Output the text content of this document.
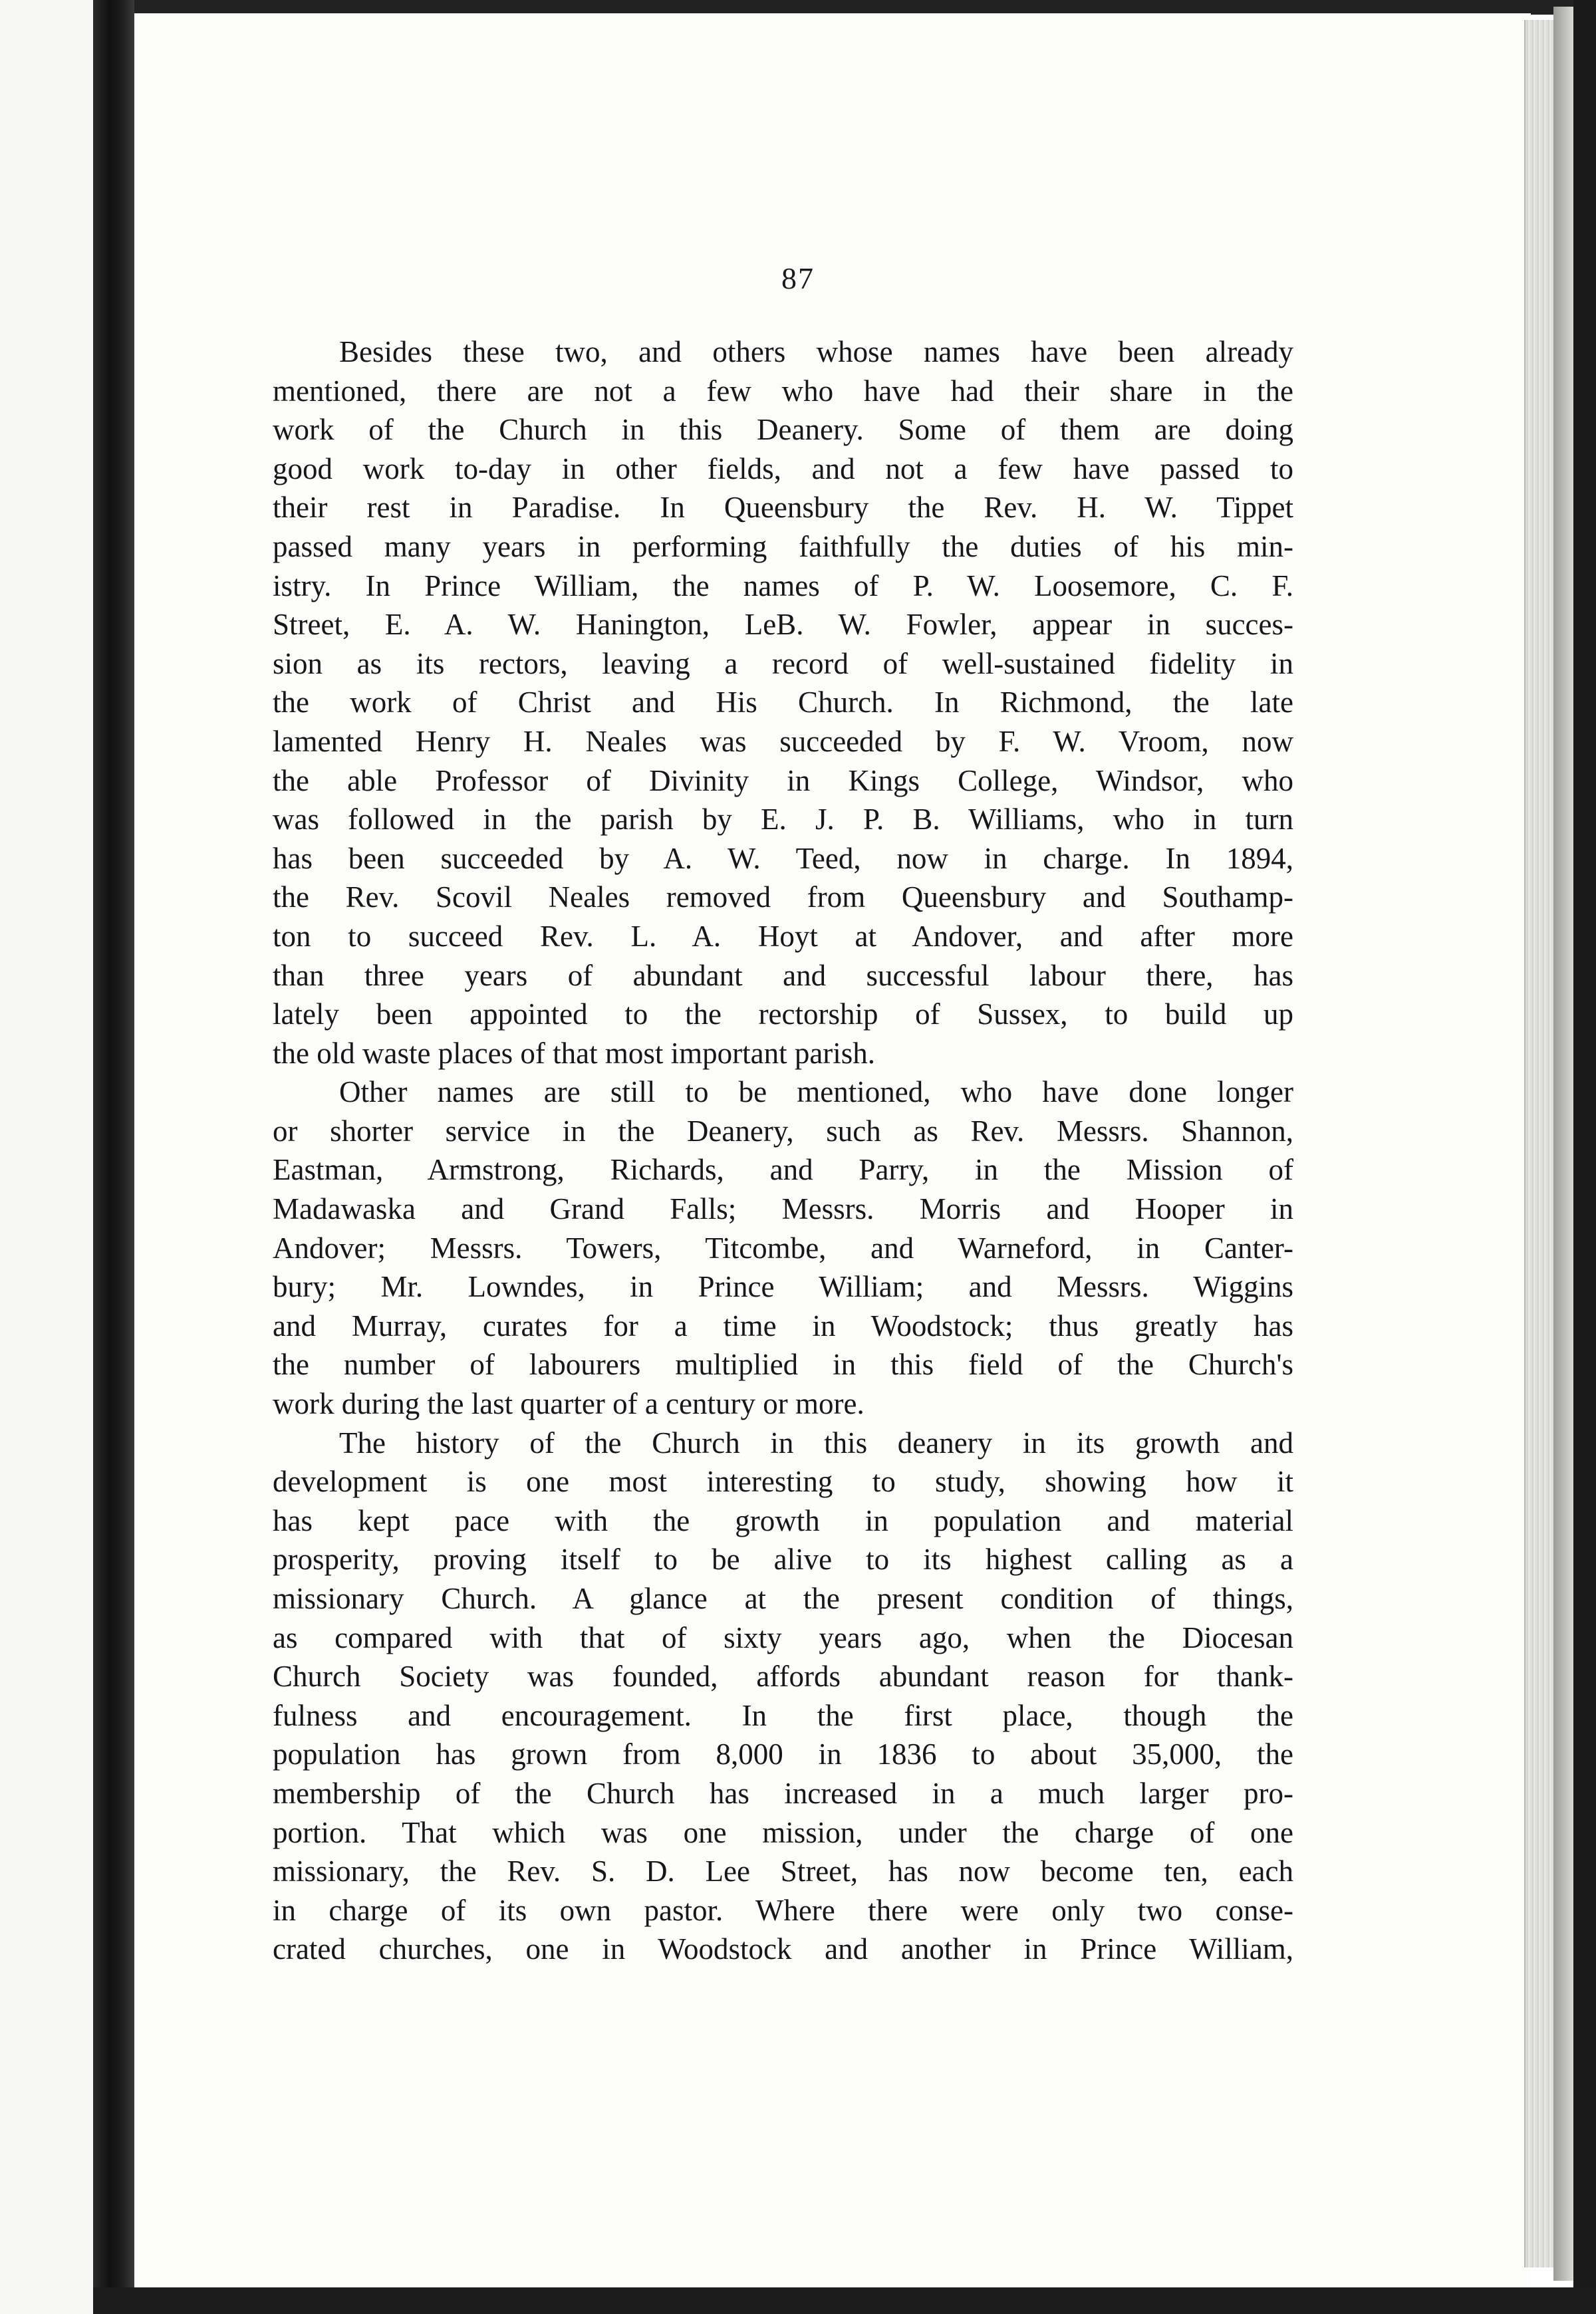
87

Besides these two, and others whose names have been already
mentioned, there are not a few who have had their share in the
work of the Church in this Deanery. Some of them are doing
good work to-day in other fields, and not a few have passed to
their rest in Paradise. In Queensbury the Rev. H. W. Tippet
passed many years in performing faithfully the duties of his min-
istry. In Prince William, the names of P. W. Loosemore, C. F.
Street, E. A. W. Hanington, LeB. W. Fowler, appear in succes-
sion as its rectors, leaving a record of well-sustained fidelity in
the work of Christ and His Church. In Richmond, the late
lamented Henry H. Neales was succeeded by F. W. Vroom, now
the able Professor of Divinity in Kings College, Windsor, who
was followed in the parish by E. J. P. B. Williams, who in turn
has been succeeded by A. W. Teed, now in charge. In 1894,
the Rev. Scovil Neales removed from Queensbury and Southamp-
ton to succeed Rev. L. A. Hoyt at Andover, and after more
than three years of abundant and successful labour there, has
lately been appointed to the rectorship of Sussex, to build up
the old waste places of that most important parish.

Other names are still to be mentioned, who have done longer
or shorter service in the Deanery, such as Rev. Messrs. Shannon,
Eastman, Armstrong, Richards, and Parry, in the Mission of
Madawaska and Grand Falls; Messrs. Morris and Hooper in
Andover; Messrs. Towers, Titcombe, and Warneford, in Canter-
bury; Mr. Lowndes, in Prince William; and Messrs. Wiggins
and Murray, curates for a time in Woodstock; thus greatly has
the number of labourers multiplied in this field of the Church's
work during the last quarter of a century or more.

The history of the Church in this deanery in its growth and
development is one most interesting to study, showing how it
has kept pace with the growth in population and material
prosperity, proving itself to be alive to its highest calling as a
missionary Church. A glance at the present condition of things,
as compared with that of sixty years ago, when the Diocesan
Church Society was founded, affords abundant reason for thank-
fulness and encouragement. In the first place, though the
population has grown from 8,000 in 1836 to about 35,000, the
membership of the Church has increased in a much larger pro-
portion. That which was one mission, under the charge of one
missionary, the Rev. S. D. Lee Street, has now become ten, each
in charge of its own pastor. Where there were only two conse-
crated churches, one in Woodstock and another in Prince William,
